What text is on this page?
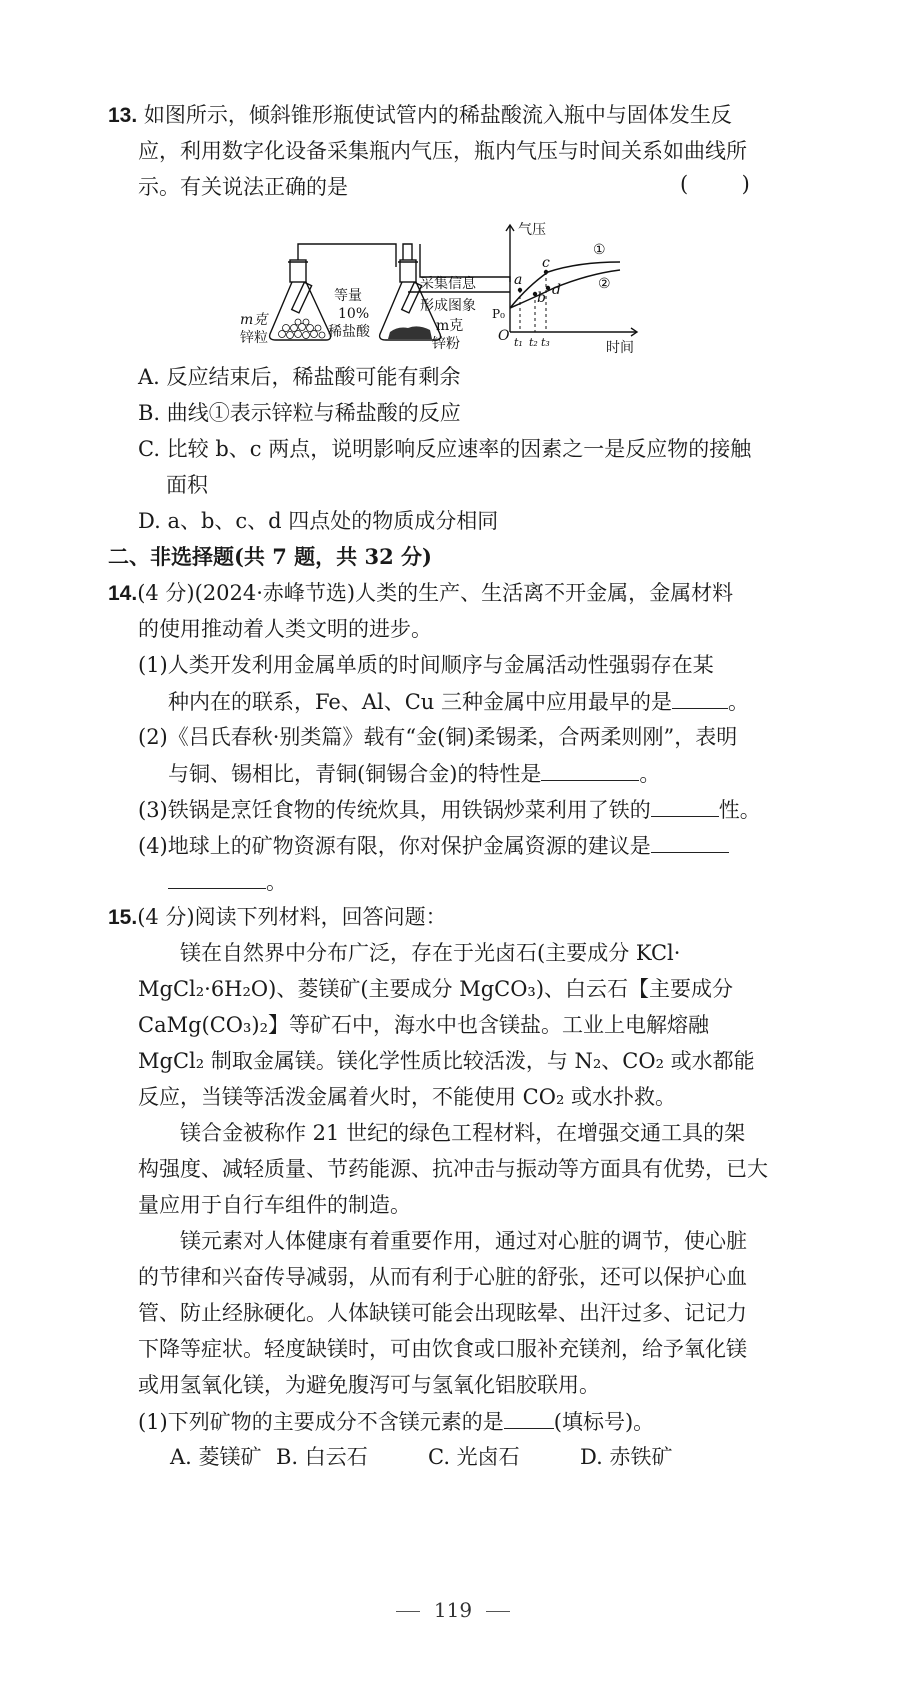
13. 如图所示，倾斜锥形瓶使试管内的稀盐酸流入瓶中与固体发生反
应，利用数字化设备采集瓶内气压，瓶内气压与时间关系如曲线所
示。有关说法正确的是	(        )
m克
锌粒
等量
10%
稀盐酸	m克
锌粉
采集信息
形成图象
气压
时间
O
P₀
①
②
a
b
c
d
t₁ t₂ t₃
A. 反应结束后，稀盐酸可能有剩余
B. 曲线①表示锌粒与稀盐酸的反应
C. 比较 b、c 两点，说明影响反应速率的因素之一是反应物的接触
面积
D. a、b、c、d 四点处的物质成分相同
二、非选择题(共 7 题，共 32 分)
14.(4 分)(2024·赤峰节选)人类的生产、生活离不开金属，金属材料
的使用推动着人类文明的进步。
(1)人类开发利用金属单质的时间顺序与金属活动性强弱存在某
种内在的联系，Fe、Al、Cu 三种金属中应用最早的是	。
(2)《吕氏春秋·别类篇》载有“金(铜)柔锡柔，合两柔则刚”，表明
与铜、锡相比，青铜(铜锡合金)的特性是	。
(3)铁锅是烹饪食物的传统炊具，用铁锅炒菜利用了铁的	性。
(4)地球上的矿物资源有限，你对保护金属资源的建议是
。
15.(4 分)阅读下列材料，回答问题：
镁在自然界中分布广泛，存在于光卤石(主要成分 KCl·
MgCl₂·6H₂O)、菱镁矿(主要成分 MgCO₃)、白云石【主要成分
CaMg(CO₃)₂】等矿石中，海水中也含镁盐。工业上电解熔融
MgCl₂ 制取金属镁。镁化学性质比较活泼，与 N₂、CO₂ 或水都能
反应，当镁等活泼金属着火时，不能使用 CO₂ 或水扑救。
镁合金被称作 21 世纪的绿色工程材料，在增强交通工具的架
构强度、减轻质量、节药能源、抗冲击与振动等方面具有优势，已大
量应用于自行车组件的制造。
镁元素对人体健康有着重要作用，通过对心脏的调节，使心脏
的节律和兴奋传导减弱，从而有利于心脏的舒张，还可以保护心血
管、防止经脉硬化。人体缺镁可能会出现眩晕、出汗过多、记记力
下降等症状。轻度缺镁时，可由饮食或口服补充镁剂，给予氧化镁
或用氢氧化镁，为避免腹泻可与氢氧化铝胶联用。
(1)下列矿物的主要成分不含镁元素的是 (填标号)。
A. 菱镁矿 B. 白云石	C. 光卤石	D. 赤铁矿
119
